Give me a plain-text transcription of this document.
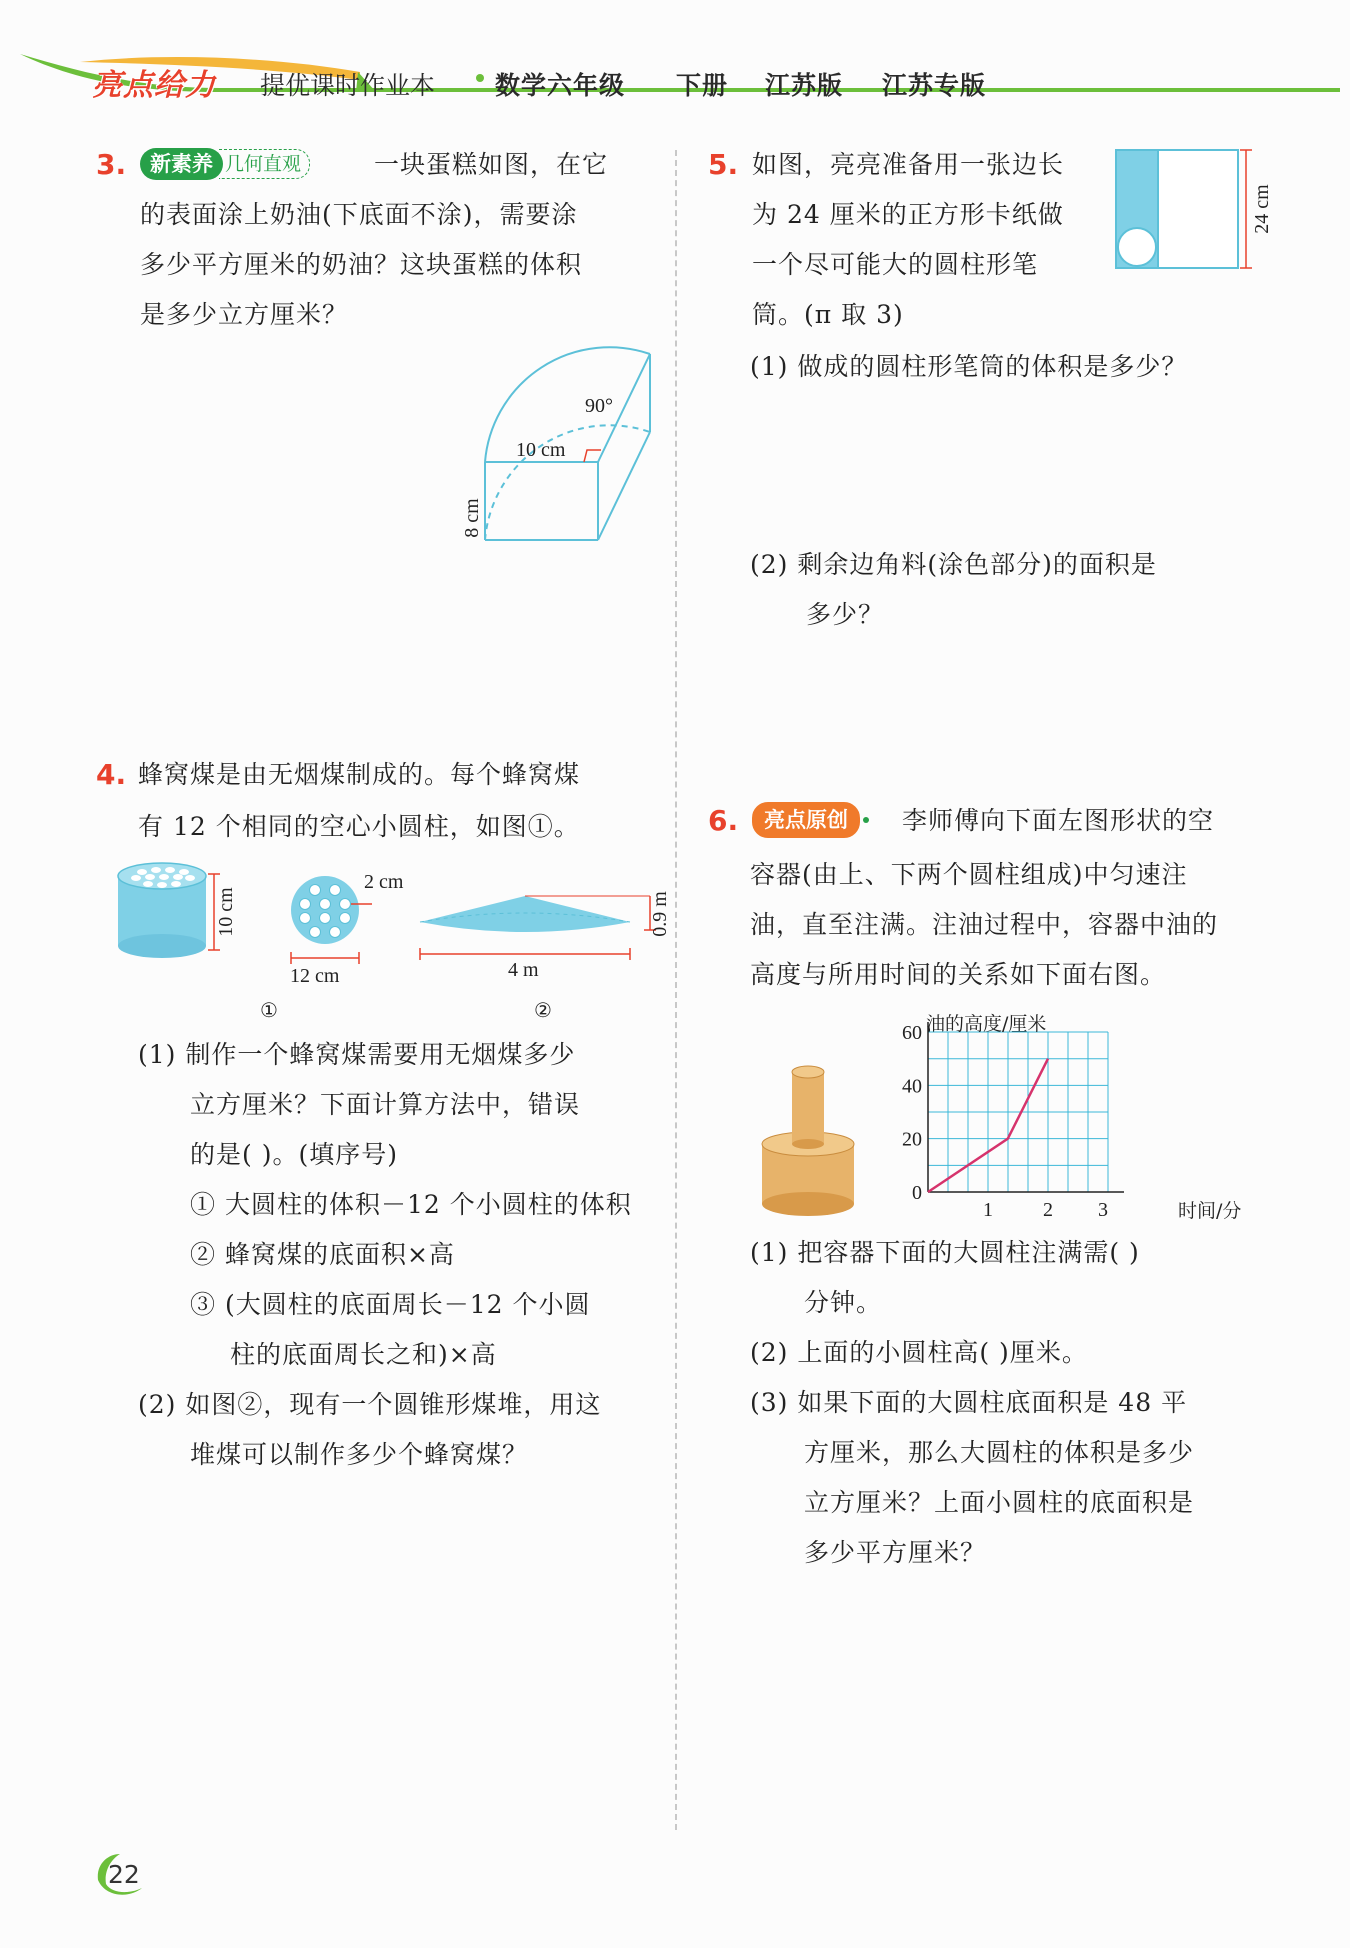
亮点给力 提优课时作业本 数学六年级 下册 江苏版 江苏专版
3.	新素养 几何直观	一块蛋糕如图，在它
的表面涂上奶油(下底面不涂)，需要涂
多少平方厘米的奶油？这块蛋糕的体积
是多少立方厘米？
10 cm
90°
8 cm
4. 蜂窝煤是由无烟煤制成的。每个蜂窝煤
有 12 个相同的空心小圆柱，如图①。
10 cm
2 cm
12 cm
①
0.9 m
4 m
②
(1) 制作一个蜂窝煤需要用无烟煤多少
立方厘米？下面计算方法中，错误
的是( )。(填序号)
① 大圆柱的体积－12 个小圆柱的体积
② 蜂窝煤的底面积×高
③ (大圆柱的底面周长－12 个小圆
柱的底面周长之和)×高
(2) 如图②，现有一个圆锥形煤堆，用这
堆煤可以制作多少个蜂窝煤？
5. 如图，亮亮准备用一张边长
为 24 厘米的正方形卡纸做
一个尽可能大的圆柱形笔
筒。(π 取 3)
24 cm
(1) 做成的圆柱形笔筒的体积是多少？
(2) 剩余边角料(涂色部分)的面积是
多少？
6.	亮点原创	李师傅向下面左图形状的空
容器(由上、下两个圆柱组成)中匀速注
油，直至注满。注油过程中，容器中油的
高度与所用时间的关系如下面右图。
0
20
40
60
1	2 3
油的高度/厘米
时间/分
(1) 把容器下面的大圆柱注满需( )
分钟。
(2) 上面的小圆柱高( )厘米。
(3) 如果下面的大圆柱底面积是 48 平
方厘米，那么大圆柱的体积是多少
立方厘米？上面小圆柱的底面积是
多少平方厘米？
22
